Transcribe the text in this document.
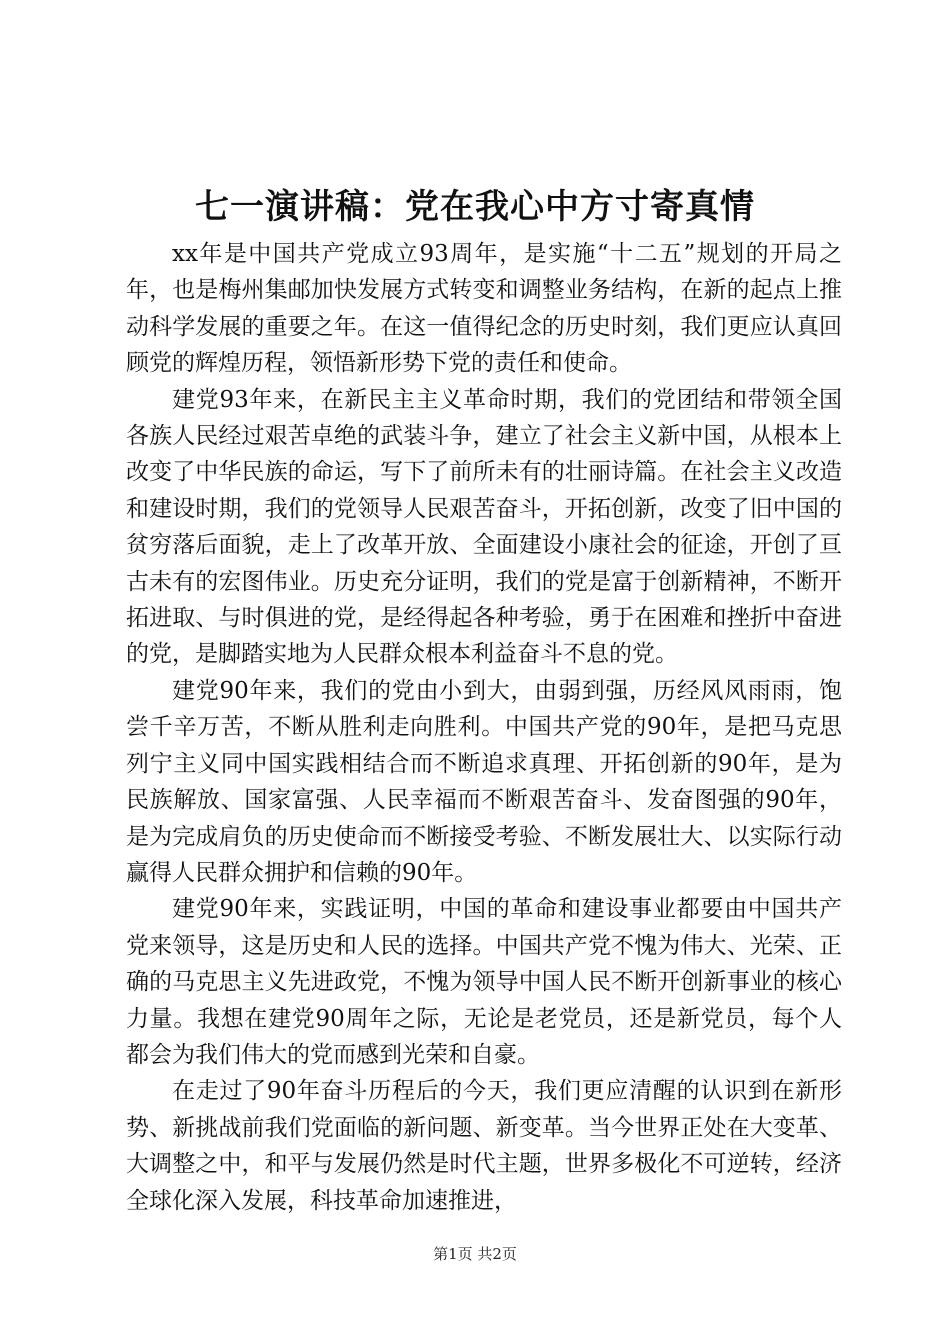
七一演讲稿：党在我心中方寸寄真情

xx年是中国共产党成立93周年，是实施“十二五”规划的开局之年，也是梅州集邮加快发展方式转变和调整业务结构，在新的起点上推动科学发展的重要之年。在这一值得纪念的历史时刻，我们更应认真回顾党的辉煌历程，领悟新形势下党的责任和使命。

建党93年来，在新民主主义革命时期，我们的党团结和带领全国各族人民经过艰苦卓绝的武装斗争，建立了社会主义新中国，从根本上改变了中华民族的命运，写下了前所未有的壮丽诗篇。在社会主义改造和建设时期，我们的党领导人民艰苦奋斗，开拓创新，改变了旧中国的贫穷落后面貌，走上了改革开放、全面建设小康社会的征途，开创了亘古未有的宏图伟业。历史充分证明，我们的党是富于创新精神，不断开拓进取、与时俱进的党，是经得起各种考验，勇于在困难和挫折中奋进的党，是脚踏实地为人民群众根本利益奋斗不息的党。

建党90年来，我们的党由小到大，由弱到强，历经风风雨雨，饱尝千辛万苦，不断从胜利走向胜利。中国共产党的90年，是把马克思列宁主义同中国实践相结合而不断追求真理、开拓创新的90年，是为民族解放、国家富强、人民幸福而不断艰苦奋斗、发奋图强的90年，是为完成肩负的历史使命而不断接受考验、不断发展壮大、以实际行动赢得人民群众拥护和信赖的90年。

建党90年来，实践证明，中国的革命和建设事业都要由中国共产党来领导，这是历史和人民的选择。中国共产党不愧为伟大、光荣、正确的马克思主义先进政党，不愧为领导中国人民不断开创新事业的核心力量。我想在建党90周年之际，无论是老党员，还是新党员，每个人都会为我们伟大的党而感到光荣和自豪。

在走过了90年奋斗历程后的今天，我们更应清醒的认识到在新形势、新挑战前我们党面临的新问题、新变革。当今世界正处在大变革、大调整之中，和平与发展仍然是时代主题，世界多极化不可逆转，经济全球化深入发展，科技革命加速推进，

第1页 共2页
